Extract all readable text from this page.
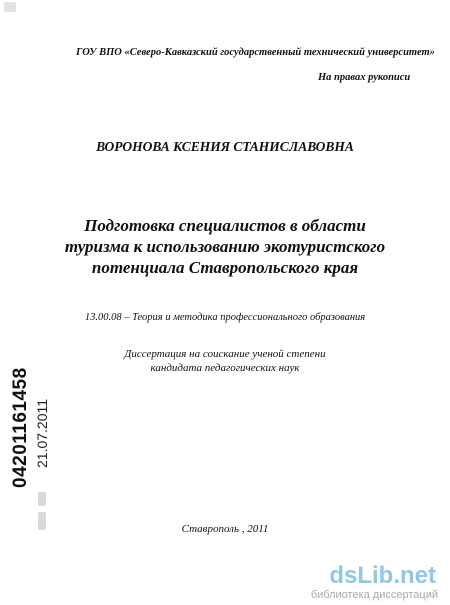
ГОУ ВПО «Северо-Кавказский государственный технический университет»
На правах рукописи
ВОРОНОВА КСЕНИЯ СТАНИСЛАВОВНА
Подготовка специалистов в области
туризма к использованию экотуристского
потенциала Ставропольского края
13.00.08 – Теория и методика профессионального образования
Диссертация на соискание ученой степени
кандидата педагогических наук
Ставрополь , 2011
04201161458 21.07.2011
dsLib.net
библиотека диссертаций
